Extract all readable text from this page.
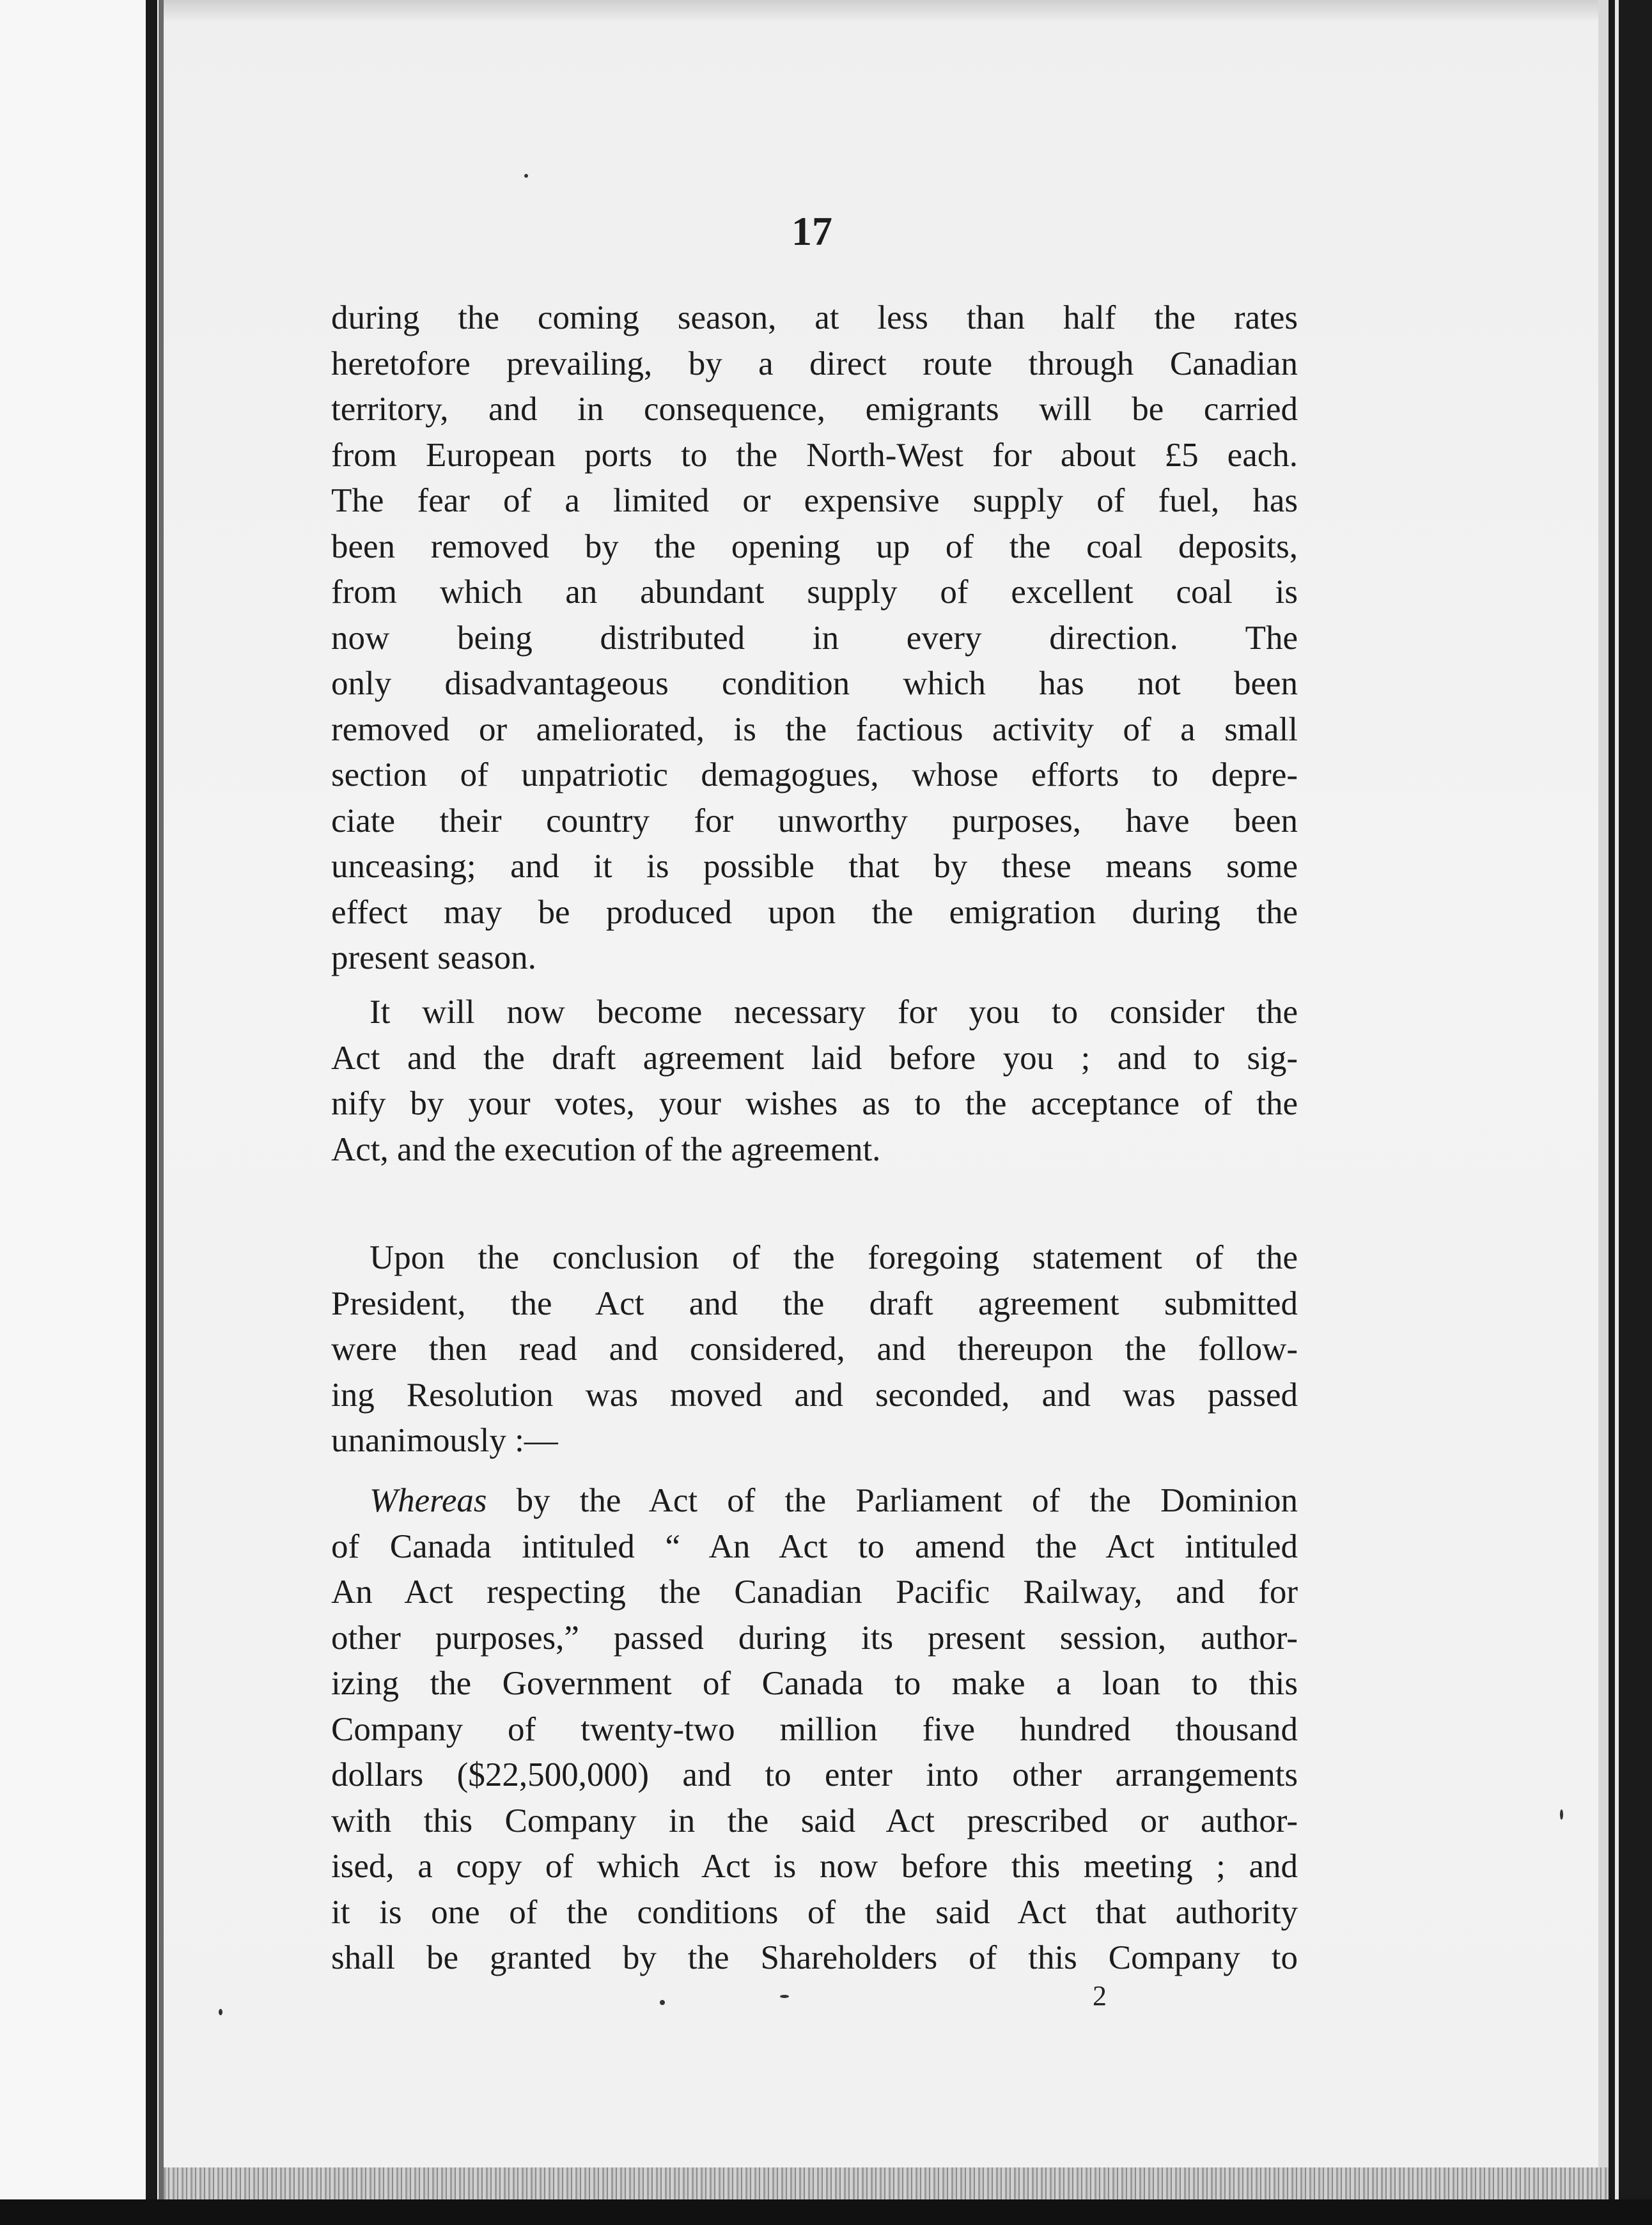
17
during the coming season, at less than half the rates
heretofore prevailing, by a direct route through Canadian
territory, and in consequence, emigrants will be carried
from European ports to the North-West for about £5 each.
The fear of a limited or expensive supply of fuel, has
been removed by the opening up of the coal deposits,
from which an abundant supply of excellent coal is
now being distributed in every direction. The
only disadvantageous condition which has not been
removed or ameliorated, is the factious activity of a small
section of unpatriotic demagogues, whose efforts to depre-
ciate their country for unworthy purposes, have been
unceasing; and it is possible that by these means some
effect may be produced upon the emigration during the
present season.
It will now become necessary for you to consider the
Act and the draft agreement laid before you ; and to sig-
nify by your votes, your wishes as to the acceptance of the
Act, and the execution of the agreement.
Upon the conclusion of the foregoing statement of the
President, the Act and the draft agreement submitted
were then read and considered, and thereupon the follow-
ing Resolution was moved and seconded, and was passed
unanimously :—
Whereas by the Act of the Parliament of the Dominion
of Canada intituled “ An Act to amend the Act intituled
An Act respecting the Canadian Pacific Railway, and for
other purposes,” passed during its present session, author-
izing the Government of Canada to make a loan to this
Company of twenty-two million five hundred thousand
dollars ($22,500,000) and to enter into other arrangements
with this Company in the said Act prescribed or author-
ised, a copy of which Act is now before this meeting ; and
it is one of the conditions of the said Act that authority
shall be granted by the Shareholders of this Company to
2
